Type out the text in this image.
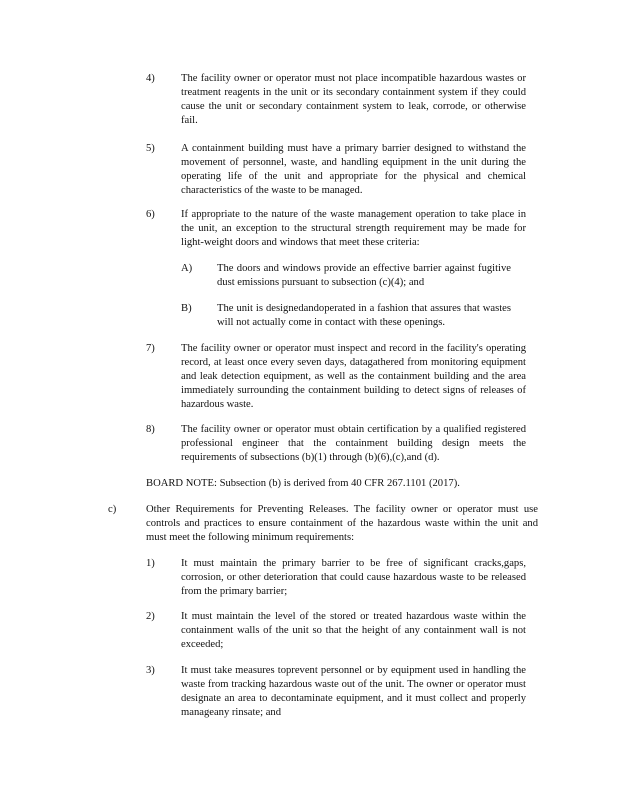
4)	The facility owner or operator must not place incompatible hazardous wastes or treatment reagents in the unit or its secondary containment system if they could cause the unit or secondary containment system to leak, corrode, or otherwise fail.
5)	A containment building must have a primary barrier designed to withstand the movement of personnel, waste, and handling equipment in the unit during the operating life of the unit and appropriate for the physical and chemical characteristics of the waste to be managed.
6)	If appropriate to the nature of the waste management operation to take place in the unit, an exception to the structural strength requirement may be made for light-weight doors and windows that meet these criteria:
A)	The doors and windows provide an effective barrier against fugitive dust emissions pursuant to subsection (c)(4); and
B)	The unit is designedandoperated in a fashion that assures that wastes will not actually come in contact with these openings.
7)	The facility owner or operator must inspect and record in the facility's operating record, at least once every seven days, datagathered from monitoring equipment and leak detection equipment, as well as the containment building and the area immediately surrounding the containment building to detect signs of releases of hazardous waste.
8)	The facility owner or operator must obtain certification by a qualified registered professional engineer that the containment building design meets the requirements of subsections (b)(1) through (b)(6),(c),and (d).
BOARD NOTE: Subsection (b) is derived from 40 CFR 267.1101 (2017).
c)	Other Requirements for Preventing Releases. The facility owner or operator must use controls and practices to ensure containment of the hazardous waste within the unit and must meet the following minimum requirements:
1)	It must maintain the primary barrier to be free of significant cracks,gaps, corrosion, or other deterioration that could cause hazardous waste to be released from the primary barrier;
2)	It must maintain the level of the stored or treated hazardous waste within the containment walls of the unit so that the height of any containment wall is not exceeded;
3)	It must take measures toprevent personnel or by equipment used in handling the waste from tracking hazardous waste out of the unit. The owner or operator must designate an area to decontaminate equipment, and it must collect and properly manageany rinsate; and
